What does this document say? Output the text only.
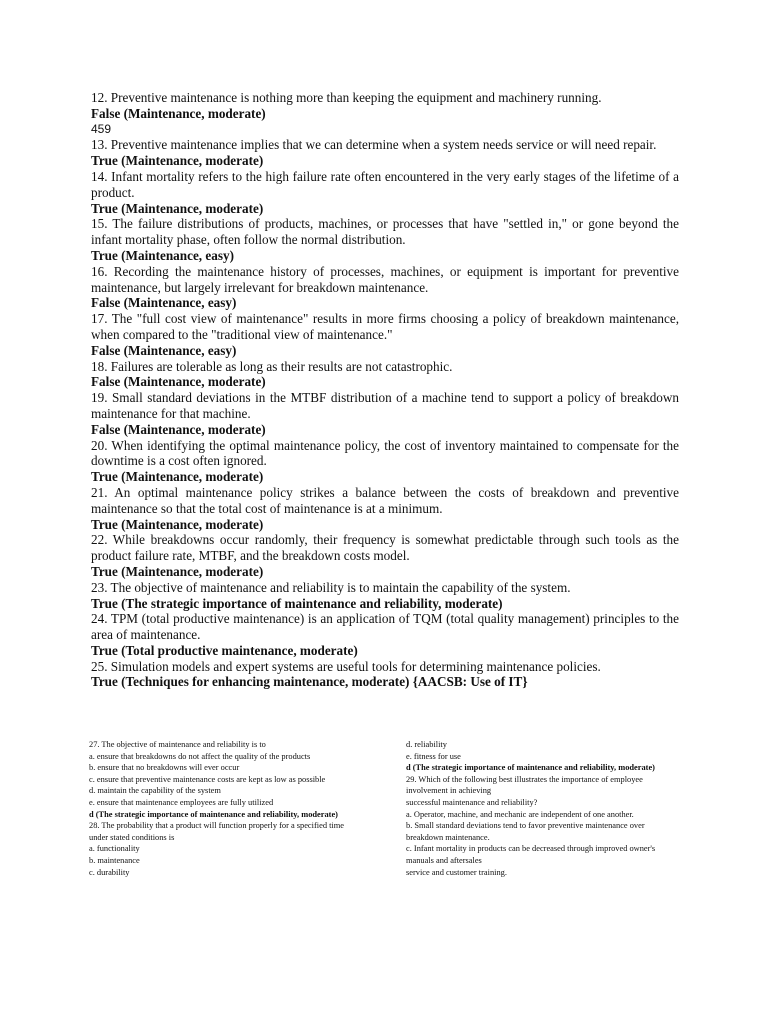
12. Preventive maintenance is nothing more than keeping the equipment and machinery running.

False (Maintenance, moderate)

459

13. Preventive maintenance implies that we can determine when a system needs service or will need repair.

True (Maintenance, moderate)

14. Infant mortality refers to the high failure rate often encountered in the very early stages of the lifetime of a product.

True (Maintenance, moderate)

15. The failure distributions of products, machines, or processes that have "settled in," or gone beyond the infant mortality phase, often follow the normal distribution.

True (Maintenance, easy)

16. Recording the maintenance history of processes, machines, or equipment is important for preventive maintenance, but largely irrelevant for breakdown maintenance.

False (Maintenance, easy)

17. The "full cost view of maintenance" results in more firms choosing a policy of breakdown maintenance, when compared to the "traditional view of maintenance."

False (Maintenance, easy)

18. Failures are tolerable as long as their results are not catastrophic.

False (Maintenance, moderate)

19. Small standard deviations in the MTBF distribution of a machine tend to support a policy of breakdown maintenance for that machine.

False (Maintenance, moderate)

20. When identifying the optimal maintenance policy, the cost of inventory maintained to compensate for the downtime is a cost often ignored.

True (Maintenance, moderate)

21. An optimal maintenance policy strikes a balance between the costs of breakdown and preventive maintenance so that the total cost of maintenance is at a minimum.

True (Maintenance, moderate)

22. While breakdowns occur randomly, their frequency is somewhat predictable through such tools as the product failure rate, MTBF, and the breakdown costs model.

True (Maintenance, moderate)

23. The objective of maintenance and reliability is to maintain the capability of the system.

True (The strategic importance of maintenance and reliability, moderate)

24. TPM (total productive maintenance) is an application of TQM (total quality management) principles to the area of maintenance.

True (Total productive maintenance, moderate)

25. Simulation models and expert systems are useful tools for determining maintenance policies.

True (Techniques for enhancing maintenance, moderate) {AACSB: Use of IT}

27. The objective of maintenance and reliability is to

a. ensure that breakdowns do not affect the quality of the products

b. ensure that no breakdowns will ever occur

c. ensure that preventive maintenance costs are kept as low as possible

d. maintain the capability of the system

e. ensure that maintenance employees are fully utilized

d (The strategic importance of maintenance and reliability, moderate)

28. The probability that a product will function properly for a specified time under stated conditions is

a. functionality

b. maintenance

c. durability

d. reliability

e. fitness for use

d (The strategic importance of maintenance and reliability, moderate)

29. Which of the following best illustrates the importance of employee involvement in achieving

successful maintenance and reliability?

a. Operator, machine, and mechanic are independent of one another.

b. Small standard deviations tend to favor preventive maintenance over breakdown maintenance.

c. Infant mortality in products can be decreased through improved owner's manuals and aftersales

service and customer training.
